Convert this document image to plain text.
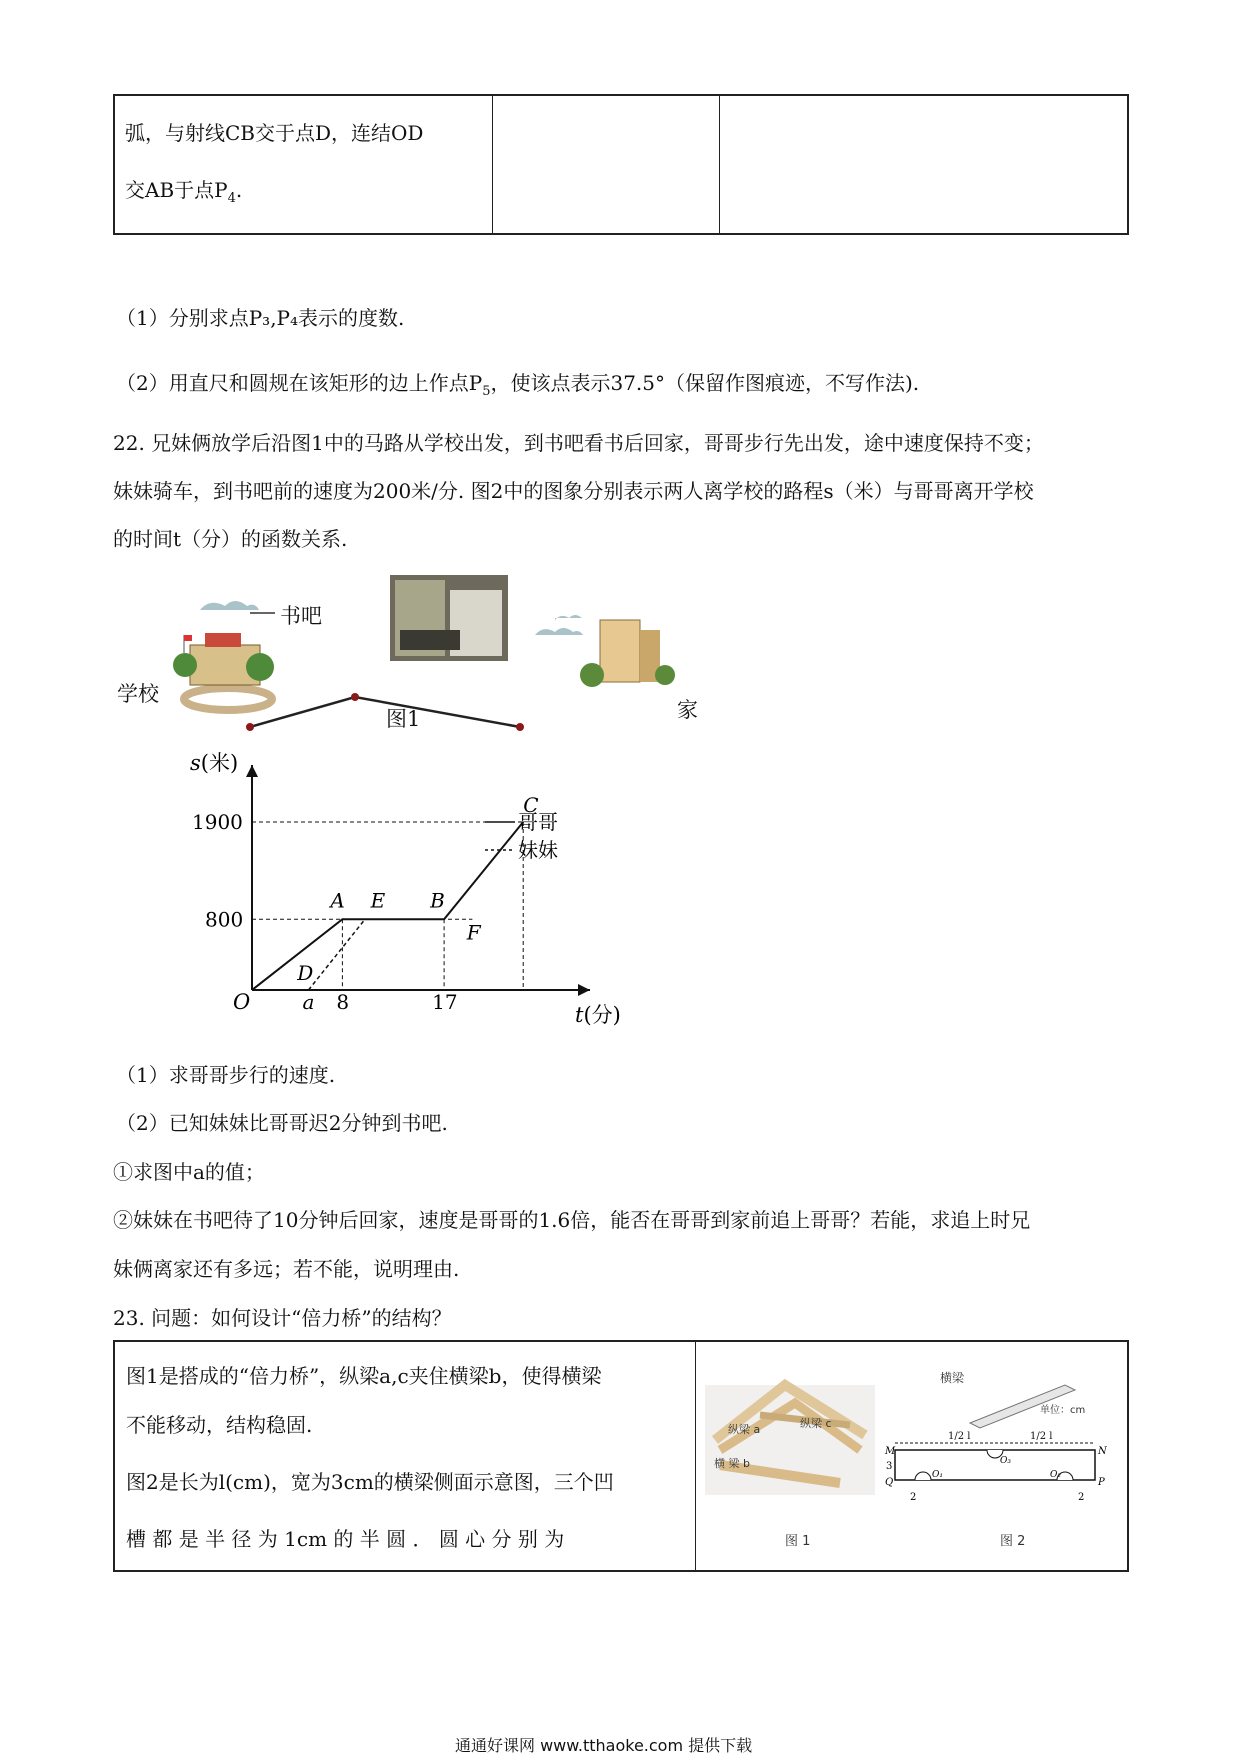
弧，与射线CB交于点D，连结OD
交AB于点$P_4$.
（1）分别求点P₃,P₄表示的度数.
（2）用直尺和圆规在该矩形的边上作点$P_5$，使该点表示37.5°（保留作图痕迹，不写作法).
22. 兄妹俩放学后沿图1中的马路从学校出发，到书吧看书后回家，哥哥步行先出发，途中速度保持不变；
妹妹骑车，到书吧前的速度为200米/分. 图2中的图象分别表示两人离学校的路程s（米）与哥哥离开学校
的时间t（分）的函数关系.
书吧
学校
家
图1
1900
800
a 8	17
A E B
C
D
F
哥哥
妹妹
s(米)
t(分)
O
（1）求哥哥步行的速度.
（2）已知妹妹比哥哥迟2分钟到书吧.
①求图中a的值；
②妹妹在书吧待了10分钟后回家，速度是哥哥的1.6倍，能否在哥哥到家前追上哥哥？若能，求追上时兄
妹俩离家还有多远；若不能，说明理由.
23. 问题：如何设计“倍力桥”的结构？
图1是搭成的“倍力桥”，纵梁a,c夹住横梁b，使得横梁
不能移动，结构稳固.
图2是长为l(cm)，宽为3cm的横梁侧面示意图，三个凹
槽 都 是 半 径 为 1cm 的 半 圆 ． 圆 心 分 别 为
纵梁 a	纵梁 c
横 梁 b
图 1
横梁
单位：cm
1/2 l	1/2 l
M	N
Q	P
3
2	2
O₁	O₂
O₃
图 2
通通好课网 www.tthaoke.com 提供下载
